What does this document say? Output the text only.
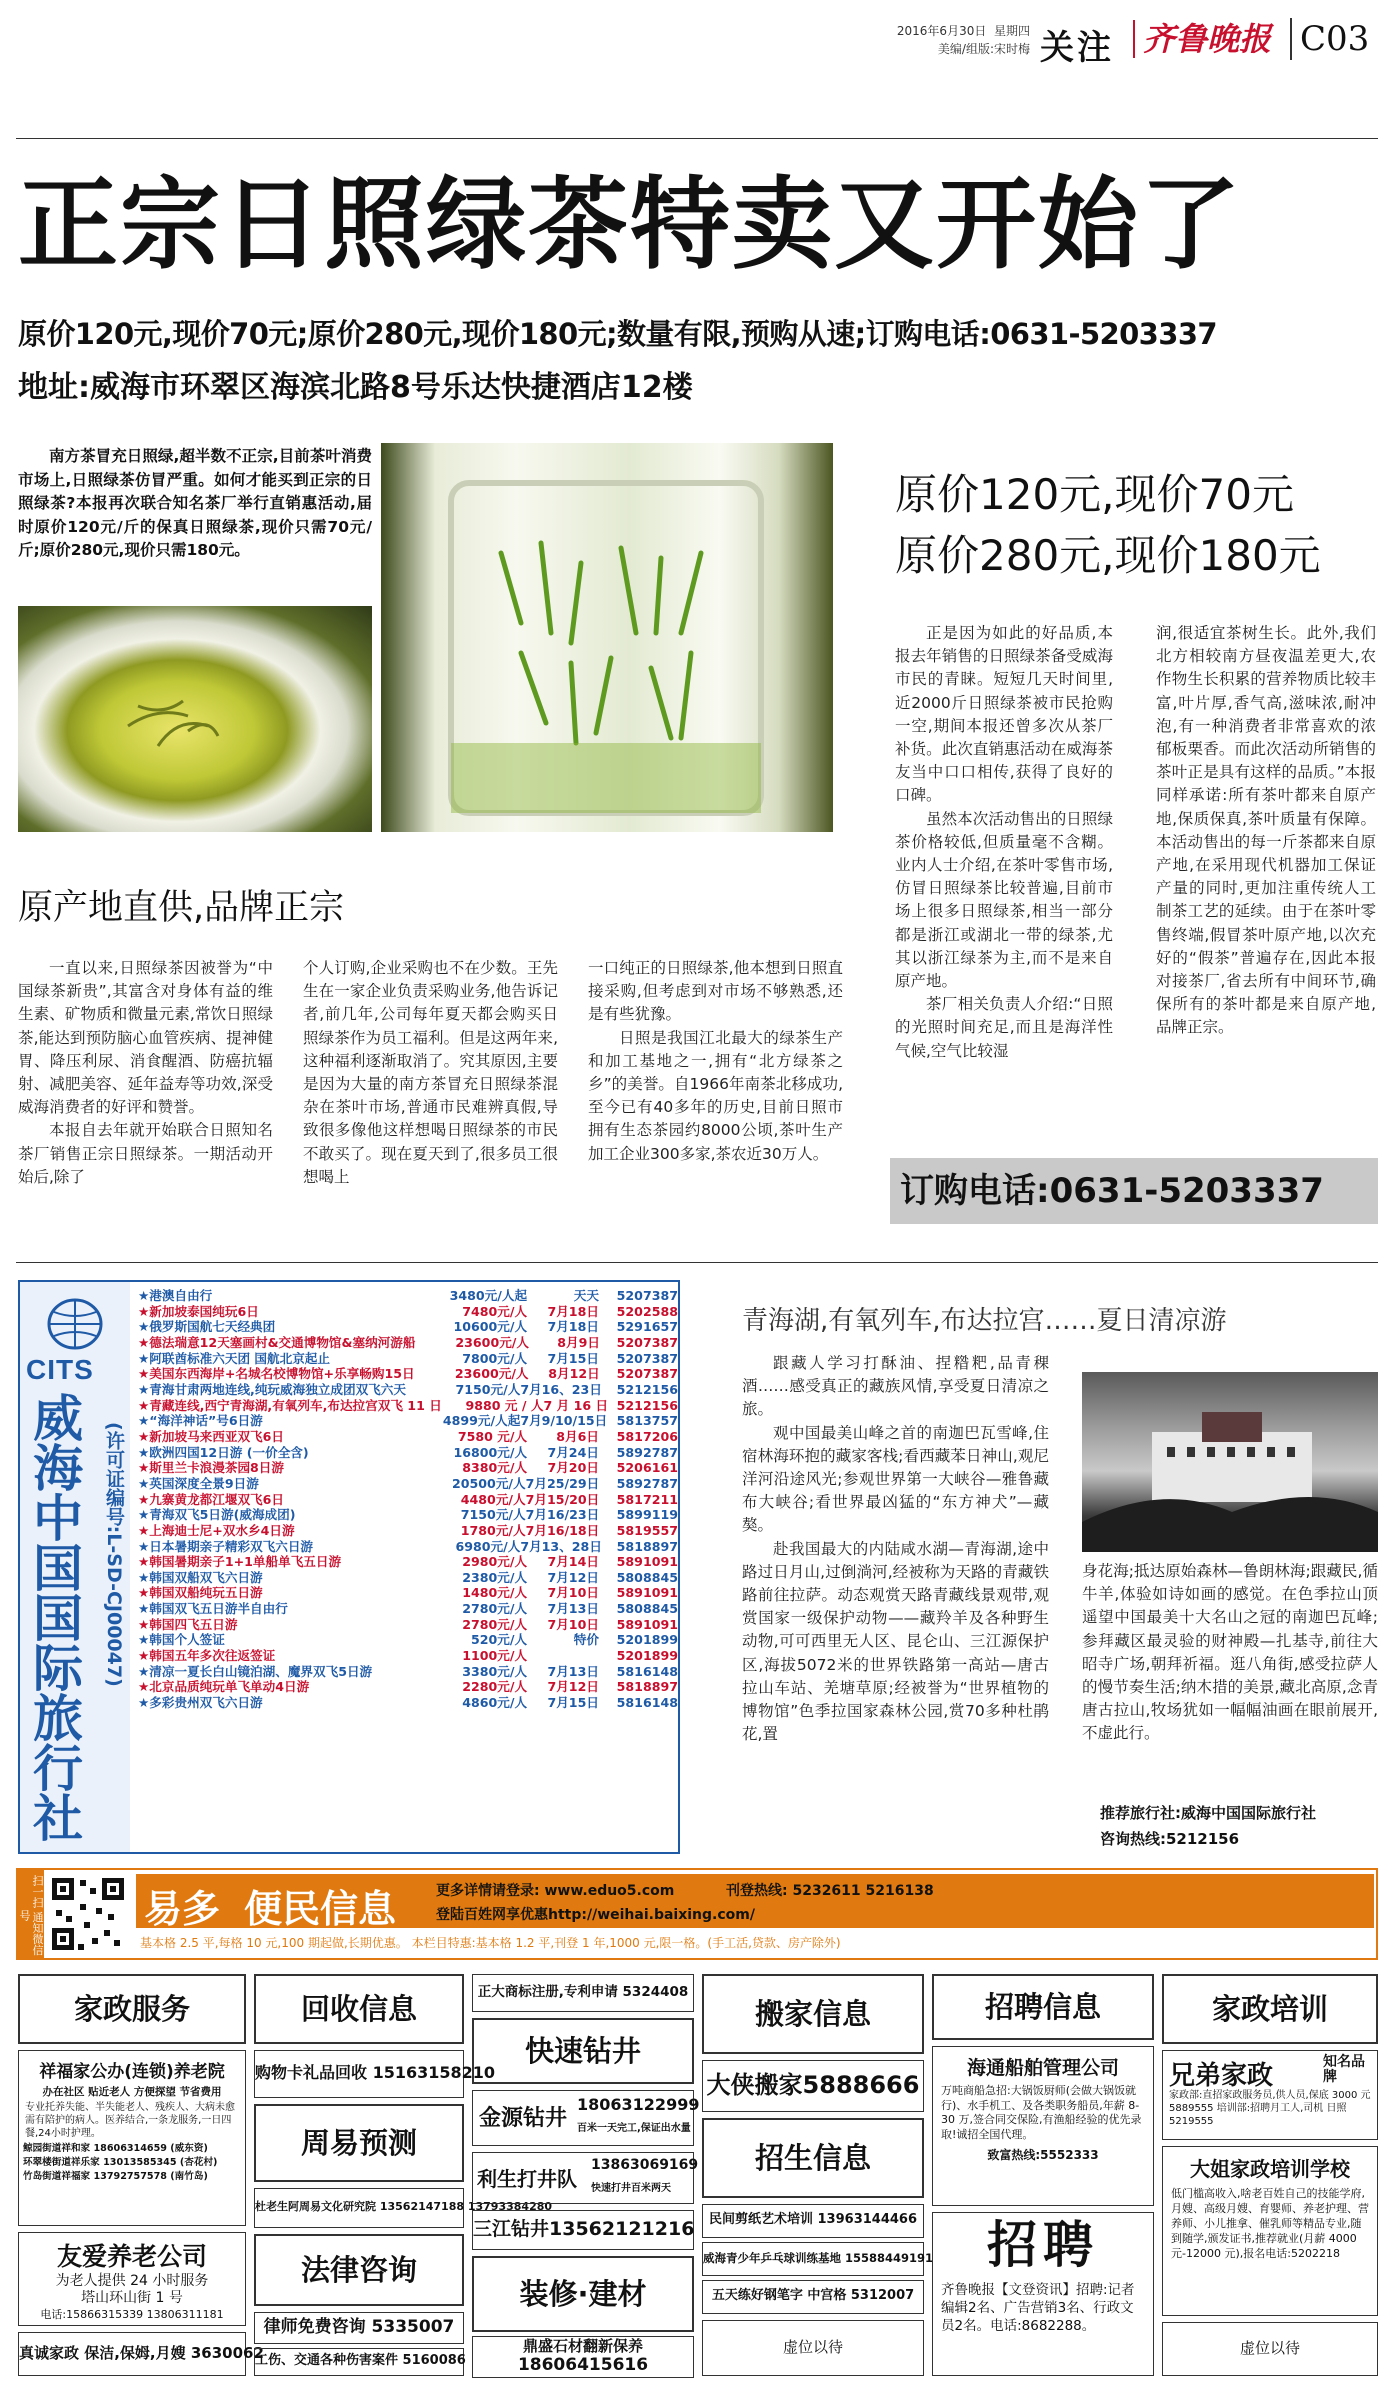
2016年6月30日 星期四
美编/组版:宋时梅 关注 齐鲁晚报 C03
正宗日照绿茶特卖又开始了
原价120元,现价70元;原价280元,现价180元;数量有限,预购从速;订购电话:0631-5203337
地址:威海市环翠区海滨北路8号乐达快捷酒店12楼
南方茶冒充日照绿,超半数不正宗,目前茶叶消费市场上,日照绿茶仿冒严重。如何才能买到正宗的日照绿茶?本报再次联合知名茶厂举行直销惠活动,届时原价120元/斤的保真日照绿茶,现价只需70元/斤;原价280元,现价只需180元。
原价120元,现价70元
原价280元,现价180元

正是因为如此的好品质,本报去年销售的日照绿茶备受威海市民的青睐。短短几天时间里,近2000斤日照绿茶被市民抢购一空,期间本报还曾多次从茶厂补货。此次直销惠活动在威海茶友当中口口相传,获得了良好的口碑。

虽然本次活动售出的日照绿茶价格较低,但质量毫不含糊。业内人士介绍,在茶叶零售市场,仿冒日照绿茶比较普遍,目前市场上很多日照绿茶,相当一部分都是浙江或湖北一带的绿茶,尤其以浙江绿茶为主,而不是来自原产地。

茶厂相关负责人介绍:“日照的光照时间充足,而且是海洋性气候,空气比较湿

润,很适宜茶树生长。此外,我们北方相较南方昼夜温差更大,农作物生长积累的营养物质比较丰富,叶片厚,香气高,滋味浓,耐冲泡,有一种消费者非常喜欢的浓郁板栗香。而此次活动所销售的茶叶正是具有这样的品质。”本报同样承诺:所有茶叶都来自原产地,保质保真,茶叶质量有保障。本活动售出的每一斤茶都来自原产地,在采用现代机器加工保证产量的同时,更加注重传统人工制茶工艺的延续。由于在茶叶零售终端,假冒茶叶原产地,以次充好的“假茶”普遍存在,因此本报对接茶厂,省去所有中间环节,确保所有的茶叶都是来自原产地,品牌正宗。

原产地直供,品牌正宗

一直以来,日照绿茶因被誉为“中国绿茶新贵”,其富含对身体有益的维生素、矿物质和微量元素,常饮日照绿茶,能达到预防脑心血管疾病、提神健胃、降压利尿、消食醒酒、防癌抗辐射、减肥美容、延年益寿等功效,深受威海消费者的好评和赞誉。

本报自去年就开始联合日照知名茶厂销售正宗日照绿茶。一期活动开始后,除了

个人订购,企业采购也不在少数。王先生在一家企业负责采购业务,他告诉记者,前几年,公司每年夏天都会购买日照绿茶作为员工福利。但是这两年来,这种福利逐渐取消了。究其原因,主要是因为大量的南方茶冒充日照绿茶混杂在茶叶市场,普通市民难辨真假,导致很多像他这样想喝日照绿茶的市民不敢买了。现在夏天到了,很多员工很想喝上

一口纯正的日照绿茶,他本想到日照直接采购,但考虑到对市场不够熟悉,还是有些犹豫。

日照是我国江北最大的绿茶生产和加工基地之一,拥有“北方绿茶之乡”的美誉。自1966年南茶北移成功,至今已有40多年的历史,目前日照市拥有生态茶园约8000公顷,茶叶生产加工企业300多家,茶农近30万人。

订购电话:0631-5203337
CITS
威海中国国际旅行社	(许可证编号:L-SD-CJ00047)
★港澳自由行	3480元/人起	天天	5207387
★新加坡泰国纯玩6日	7480元/人	7月18日	5202588
★俄罗斯国航七天经典团	10600元/人	7月18日	5291657
★德法瑞意12天塞画村&交通博物馆&塞纳河游船	23600元/人	8月9日	5207387
★阿联酋标准六天团 国航北京起止	7800元/人	7月15日	5207387
★美国东西海岸+名城名校博物馆+乐享畅购15日	23600元/人	8月12日	5207387
★青海甘肃两地连线,纯玩威海独立成团双飞六天	7150元/人 7月16、23日	5212156
★青藏连线,西宁青海湖,有氧列车,布达拉宫双飞 11 日	9880 元 / 人 7 月 16 日 5212156
★“海洋神话”号6日游	4899元/人起 7月9/10/15日 5813757
★新加坡马来西亚双飞6日	7580 元/人	8月6日	5817206
★欧洲四国12日游 (一价全含)	16800元/人	7月24日	5892787
★斯里兰卡浪漫茶园8日游	8380元/人	7月20日	5206161
★英国深度全景9日游	20500元/人 7月25/29日	5892787
★九寨黄龙都江堰双飞6日	4480元/人 7月15/20日	5817211
★青海双飞5日游(威海成团)	7150元/人 7月16/23日	5899119
★上海迪士尼+双水乡4日游	1780元/人 7月16/18日	5819557
★日本暑期亲子精彩双飞六日游	6980元/人 7月13、28日	5818897
★韩国暑期亲子1+1单船单飞五日游	2980元/人	7月14日	5891091
★韩国双船双飞六日游	2380元/人	7月12日	5808845
★韩国双船纯玩五日游	1480元/人	7月10日	5891091
★韩国双飞五日游半自由行	2780元/人	7月13日	5808845
★韩国四飞五日游	2780元/人	7月10日	5891091
★韩国个人签证	520元/人	特价	5201899
★韩国五年多次往返签证	1100元/人	5201899
★清凉一夏长白山镜泊湖、魔界双飞5日游	3380元/人	7月13日	5816148
★北京品质纯玩单飞单动4日游	2280元/人	7月12日	5818897
★多彩贵州双飞六日游	4860元/人	7月15日	5816148
青海湖,有氧列车,布达拉宫……夏日清凉游

跟藏人学习打酥油、捏糌粑,品青稞酒……感受真正的藏族风情,享受夏日清凉之旅。

观中国最美山峰之首的南迦巴瓦雪峰,住宿林海环抱的藏家客栈;看西藏苯日神山,观尼洋河沿途风光;参观世界第一大峡谷—雅鲁藏布大峡谷;看世界最凶猛的“东方神犬”—藏獒。

赴我国最大的内陆咸水湖—青海湖,途中路过日月山,过倒淌河,经被称为天路的青藏铁路前往拉萨。动态观赏天路青藏线景观带,观赏国家一级保护动物——藏羚羊及各种野生动物,可可西里无人区、昆仑山、三江源保护区,海拔5072米的世界铁路第一高站—唐古拉山车站、羌塘草原;经被誉为“世界植物的博物馆”色季拉国家森林公园,赏70多种杜鹃花,置

身花海;抵达原始森林—鲁朗林海;跟藏民,循牛羊,体验如诗如画的感觉。在色季拉山顶遥望中国最美十大名山之冠的南迦巴瓦峰;参拜藏区最灵验的财神殿—扎基寺,前往大昭寺广场,朝拜祈福。逛八角街,感受拉萨人的慢节奏生活;纳木措的美景,藏北高原,念青唐古拉山,牧场犹如一幅幅油画在眼前展开,不虚此行。

推荐旅行社:威海中国国际旅行社
咨询热线:5212156
扫一扫 通知微信号	易多 便民信息	更多详情请登录: www.eduo5.com	刊登热线: 5232611 5216138
登陆百姓网享优惠http://weihai.baixing.com/
基本格 2.5 平,每格 10 元,100 期起做,长期优惠。 本栏目特惠:基本格 1.2 平,刊登 1 年,1000 元,限一格。(手工活,贷款、房产除外)
家政服务
祥福家公办(连锁)养老院
办在社区 贴近老人 方便探望 节省费用
专业托养失能、半失能老人、残疾人、大病未愈需有陪护的病人。医养结合,一条龙服务,一日四餐,24小时护理。
鲸园街道祥和家 18606314659 (威东资)
环翠楼街道祥乐家 13013585345 (杏花村)
竹岛街道祥福家 13792757578 (南竹岛)
友爱养老公司
为老人提供 24 小时服务
塔山环山街 1 号
电话:15866315339 13806311181
真诚家政 保洁,保姆,月嫂 3630062
回收信息
购物卡礼品回收 15163158210
周易预测
杜老生阿周易文化研究院 13562147188 13793384280
法律咨询
律师免费咨询 5335007
工伤、交通各种伤害案件 5160086
正大商标注册,专利申请 5324408
快速钻井
金源钻井
18063122999
百米一天完工,保证出水量
利生打井队
13863069169
快速打井百米两天
三江钻井13562121216
装修·建材
鼎盛石材翻新保养
18606415616
搬家信息
大侠搬家5888666
招生信息
民间剪纸艺术培训 13963144466
威海青少年乒乓球训练基地 15588449191
五天练好钢笔字 中宫格 5312007
虚位以待
招聘信息
海通船舶管理公司
万吨商船急招:大锅饭厨师(会做大锅饭就行)、水手机工、及各类职务船员,年薪 8-30 万,签合同交保险,有渔船经验的优先录取!诚招全国代理。
致富热线:5552333
招聘
齐鲁晚报【文登资讯】招聘:记者编辑2名、广告营销3名、行政文员2名。电话:8682288。
家政培训
兄弟家政	知名品牌
家政部:直招家政服务员,供人员,保底 3000 元 5889555 培训部:招聘月工人,司机 日照 5219555
大姐家政培训学校
低门槛高收入,啥老百姓自己的技能学府,月嫂、高级月嫂、育婴师、养老护理、营养师、小儿推拿、催乳师等精品专业,随到随学,颁发证书,推荐就业(月薪 4000 元-12000 元),报名电话:5202218
虚位以待
